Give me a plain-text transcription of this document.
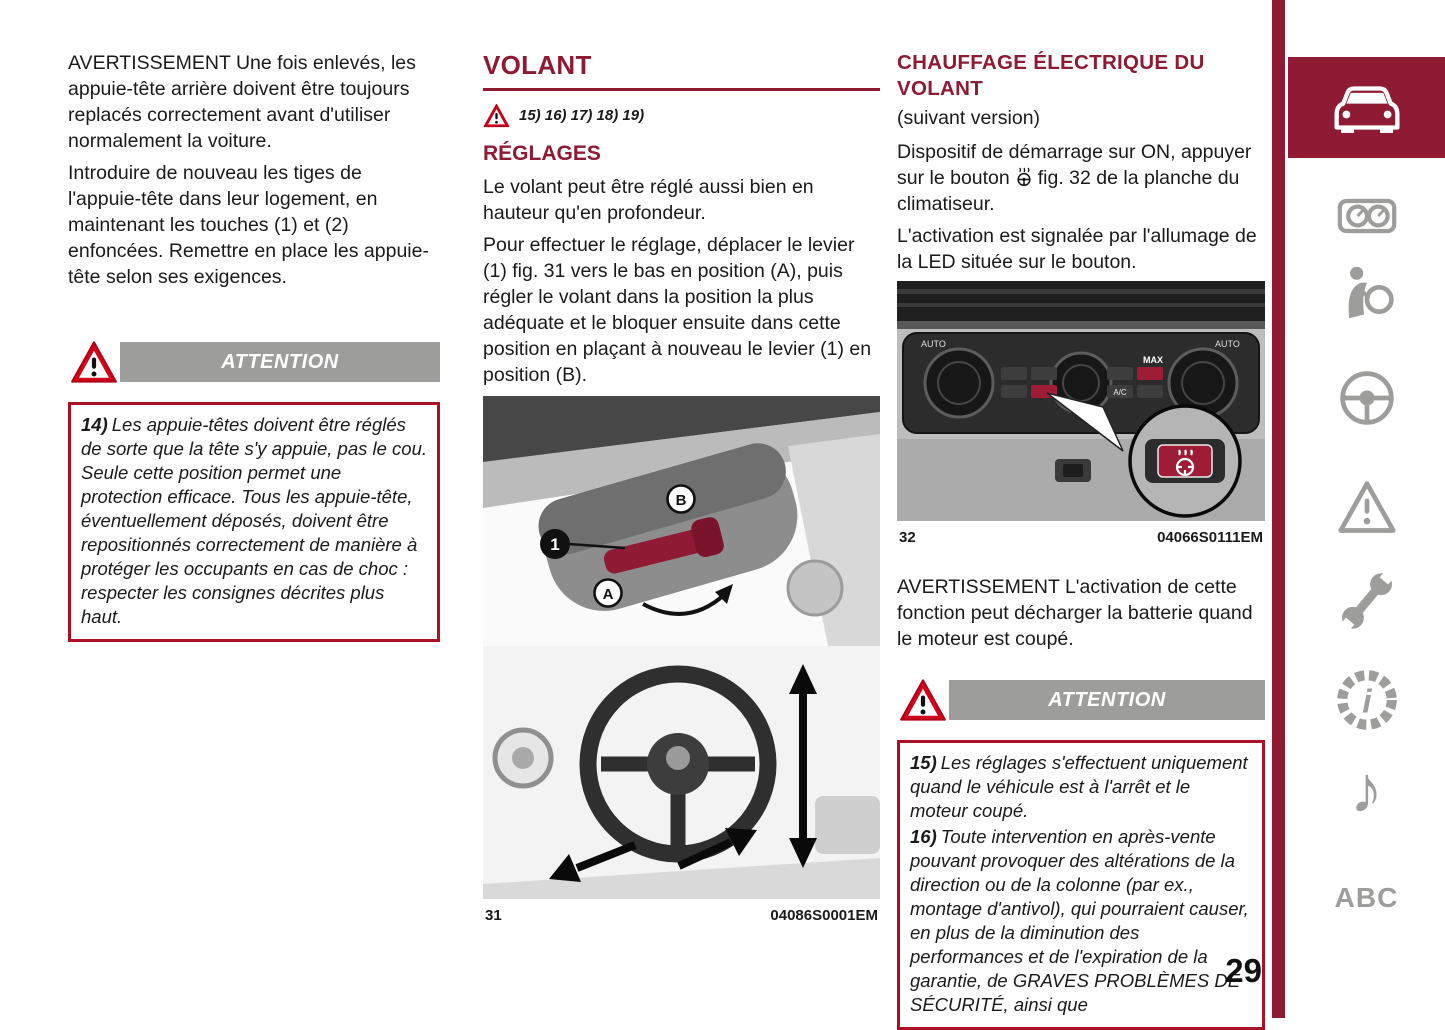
AVERTISSEMENT Une fois enlevés, les appuie-tête arrière doivent être toujours replacés correctement avant d'utiliser normalement la voiture.

Introduire de nouveau les tiges de l'appuie-tête dans leur logement, en maintenant les touches (1) et (2) enfoncées. Remettre en place les appuie-tête selon ses exigences.

ATTENTION

14) Les appuie-têtes doivent être réglés de sorte que la tête s'y appuie, pas le cou. Seule cette position permet une protection efficace. Tous les appuie-tête, éventuellement déposés, doivent être repositionnés correctement de manière à protéger les occupants en cas de choc : respecter les consignes décrites plus haut.

VOLANT
15) 16) 17) 18) 19)
RÉGLAGES

Le volant peut être réglé aussi bien en hauteur qu'en profondeur.

Pour effectuer le réglage, déplacer le levier (1) fig. 31 vers le bas en position (A), puis régler le volant dans la position la plus adéquate et le bloquer ensuite dans cette position en plaçant à nouveau le levier (1) en position (B).

1
B
A
31	04086S0001EM
CHAUFFAGE ÉLECTRIQUE DU VOLANT
(suivant version)

Dispositif de démarrage sur ON, appuyer sur le bouton fig. 32 de la planche du climatiseur.

L'activation est signalée par l'allumage de la LED située sur le bouton.

AUTO	AUTO
MAX
A/C
32	04066S0111EM

AVERTISSEMENT L'activation de cette fonction peut décharger la batterie quand le moteur est coupé.

ATTENTION

15) Les réglages s'effectuent uniquement quand le véhicule est à l'arrêt et le moteur coupé.

16) Toute intervention en après-vente pouvant provoquer des altérations de la direction ou de la colonne (par ex., montage d'antivol), qui pourraient causer, en plus de la diminution des performances et de l'expiration de la garantie, de GRAVES PROBLÈMES DE SÉCURITÉ, ainsi que

i
♪
ABC
29
